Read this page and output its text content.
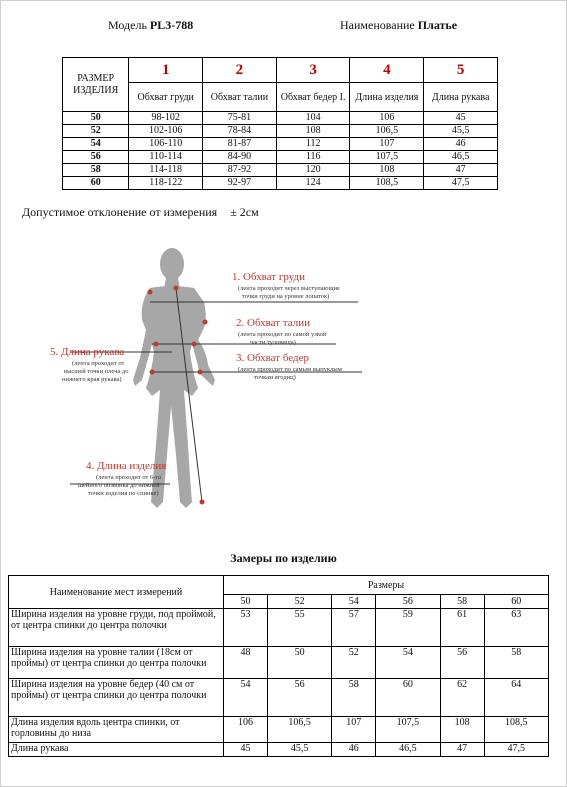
Модель PL3-788	Наименование Платье
РАЗМЕР ИЗДЕЛИЯ	1	2	3	4	5
	Обхват груди	Обхват талии	Обхват бедер I.	Длина изделия	Длина рукава
50	98-102	75-81	104	106	45
52	102-106	78-84	108	106,5	45,5
54	106-110	81-87	112	107	46
56	110-114	84-90	116	107,5	46,5
58	114-118	87-92	120	108	47
60	118-122	92-97	124	108,5	47,5
Допустимое отклонение от измерения ± 2см
1. Обхват груди
(лента проходит через выступающие
точки груди на уровне лопаток)
2. Обхват талии
(лента проходит по самой узкой
части туловища)
3. Обхват бедер
(лента проходит по самым выпуклым
точкам ягодиц)
5. Длина рукава
(лента проходит от
высшей точки плеча до
нижнего края рукава)
4. Длина изделия
(лента проходит от 6-го
шейного позвонка до нижней
точки изделия по спинке)
Замеры по изделию
Наименование мест измерений	Размеры					
	50	52	54	56	58	60
Ширина изделия на уровне груди, под проймой, от центра спинки до центра полочки	53	55	57	59	61	63
Ширина изделия на уровне талии (18см от проймы) от центра спинки до центра полочки	48	50	52	54	56	58
Ширина изделия на уровне бедер (40 см от проймы) от центра спинки до центра полочки	54	56	58	60	62	64
Длина изделия вдоль центра спинки, от горловины до низа	106	106,5	107	107,5	108	108,5
Длина рукава	45	45,5	46	46,5	47	47,5
